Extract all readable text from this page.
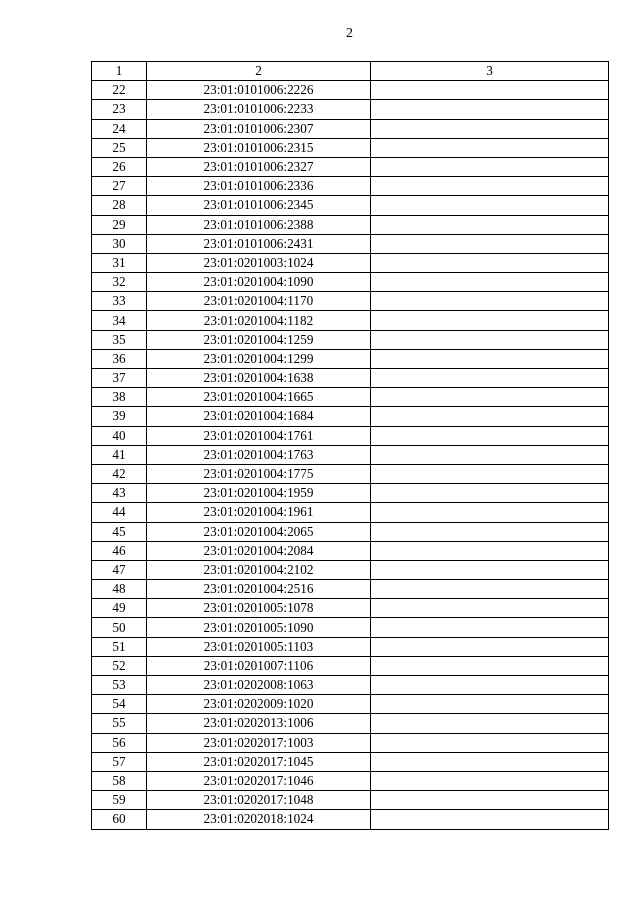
2
1	2	3
22	23:01:0101006:2226	
23	23:01:0101006:2233	
24	23:01:0101006:2307	
25	23:01:0101006:2315	
26	23:01:0101006:2327	
27	23:01:0101006:2336	
28	23:01:0101006:2345	
29	23:01:0101006:2388	
30	23:01:0101006:2431	
31	23:01:0201003:1024	
32	23:01:0201004:1090	
33	23:01:0201004:1170	
34	23:01:0201004:1182	
35	23:01:0201004:1259	
36	23:01:0201004:1299	
37	23:01:0201004:1638	
38	23:01:0201004:1665	
39	23:01:0201004:1684	
40	23:01:0201004:1761	
41	23:01:0201004:1763	
42	23:01:0201004:1775	
43	23:01:0201004:1959	
44	23:01:0201004:1961	
45	23:01:0201004:2065	
46	23:01:0201004:2084	
47	23:01:0201004:2102	
48	23:01:0201004:2516	
49	23:01:0201005:1078	
50	23:01:0201005:1090	
51	23:01:0201005:1103	
52	23:01:0201007:1106	
53	23:01:0202008:1063	
54	23:01:0202009:1020	
55	23:01:0202013:1006	
56	23:01:0202017:1003	
57	23:01:0202017:1045	
58	23:01:0202017:1046	
59	23:01:0202017:1048	
60	23:01:0202018:1024	
